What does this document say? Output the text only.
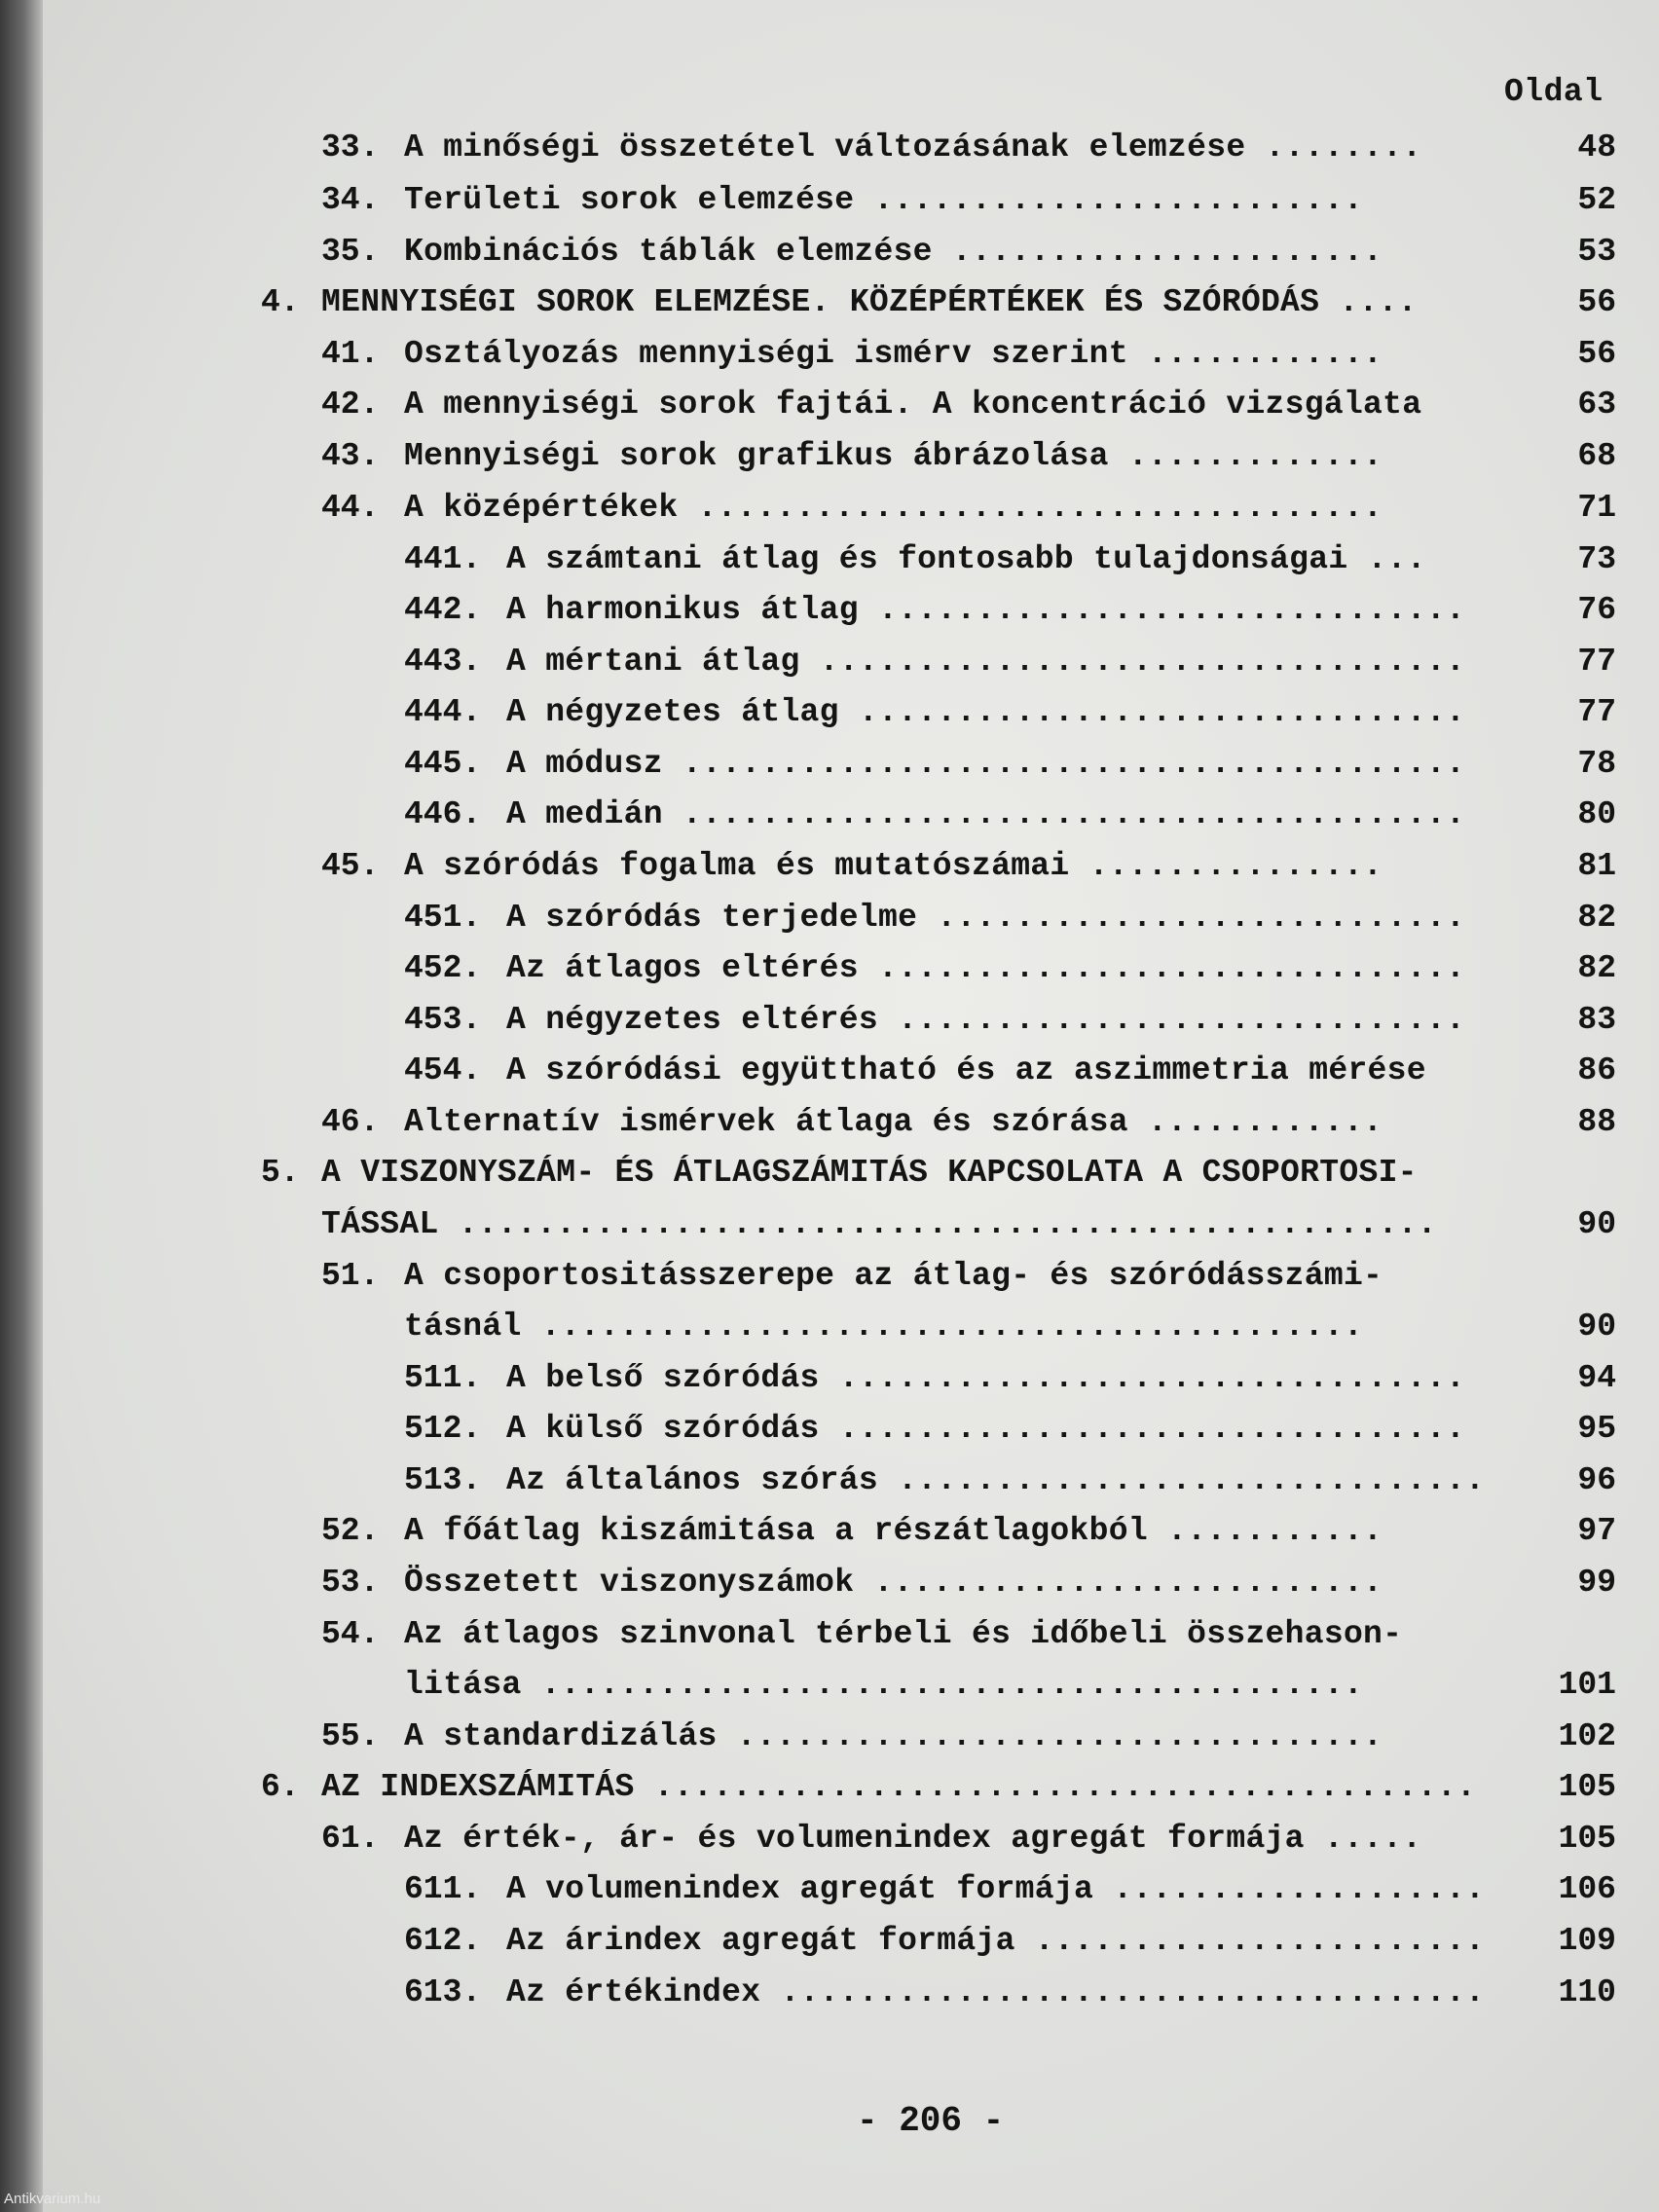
Oldal
33. A minőségi összetétel változásának elemzése ........	48
34. Területi sorok elemzése .........................	52
35. Kombinációs táblák elemzése ......................	53
4. MENNYISÉGI SOROK ELEMZÉSE. KÖZÉPÉRTÉKEK ÉS SZÓRÓDÁS ....	56
41. Osztályozás mennyiségi ismérv szerint ............	56
42. A mennyiségi sorok fajtái. A koncentráció vizsgálata	63
43. Mennyiségi sorok grafikus ábrázolása .............	68
44. A középértékek ...................................	71
441. A számtani átlag és fontosabb tulajdonságai ...	73
442. A harmonikus átlag ..............................	76
443. A mértani átlag .................................	77
444. A négyzetes átlag ...............................	77
445. A módusz ........................................	78
446. A medián ........................................	80
45. A szóródás fogalma és mutatószámai ...............	81
451. A szóródás terjedelme ...........................	82
452. Az átlagos eltérés ..............................	82
453. A négyzetes eltérés .............................	83
454. A szóródási együttható és az aszimmetria mérése	86
46. Alternatív ismérvek átlaga és szórása ............	88
5. A VISZONYSZÁM- ÉS ÁTLAGSZÁMITÁS KAPCSOLATA A CSOPORTOSI-
TÁSSAL ..................................................	90
51. A csoportositásszerepe az átlag- és szóródásszámi-
tásnál ..........................................	90
511. A belső szóródás ................................	94
512. A külső szóródás ................................	95
513. Az általános szórás ..............................	96
52. A főátlag kiszámitása a részátlagokból ...........	97
53. Összetett viszonyszámok ..........................	99
54. Az átlagos szinvonal térbeli és időbeli összehason-
litása ..........................................	101
55. A standardizálás .................................	102
6. AZ INDEXSZÁMITÁS ..........................................	105
61. Az érték-, ár- és volumenindex agregát formája .....	105
611. A volumenindex agregát formája ...................	106
612. Az árindex agregát formája .......................	109
613. Az értékindex ....................................	110
- 206 -
Antikvarium.hu
